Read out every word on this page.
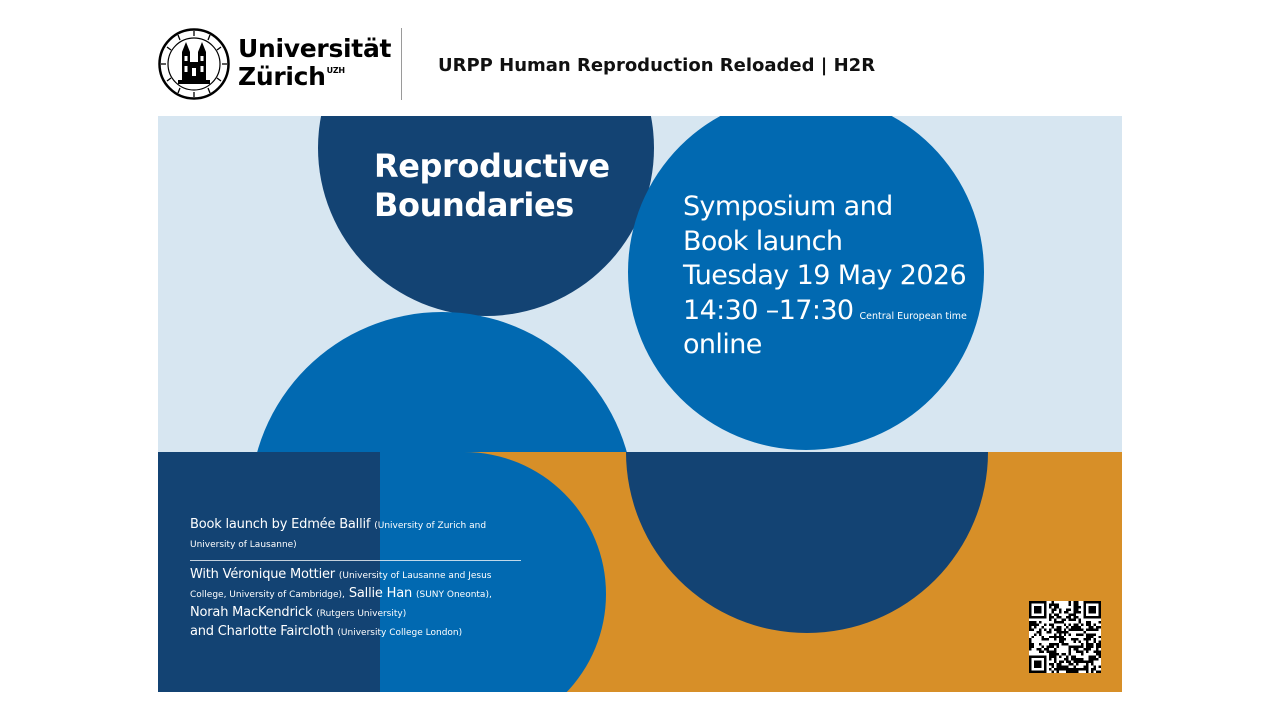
Universität
Zürich$^{UZH}$	URPP Human Reproduction Reloaded | H2R
Reproductive
Boundaries	Symposium and
Book launch
Tuesday 19 May 2026
14:30 –17:30 $^{Central European time}$
online
Book launch by Edmée Ballif (University of Zurich and University of Lausanne)
With Véronique Mottier (University of Lausanne and Jesus College, University of Cambridge), Sallie Han (SUNY Oneonta),
Norah MacKendrick (Rutgers University)
and Charlotte Faircloth (University College London)
